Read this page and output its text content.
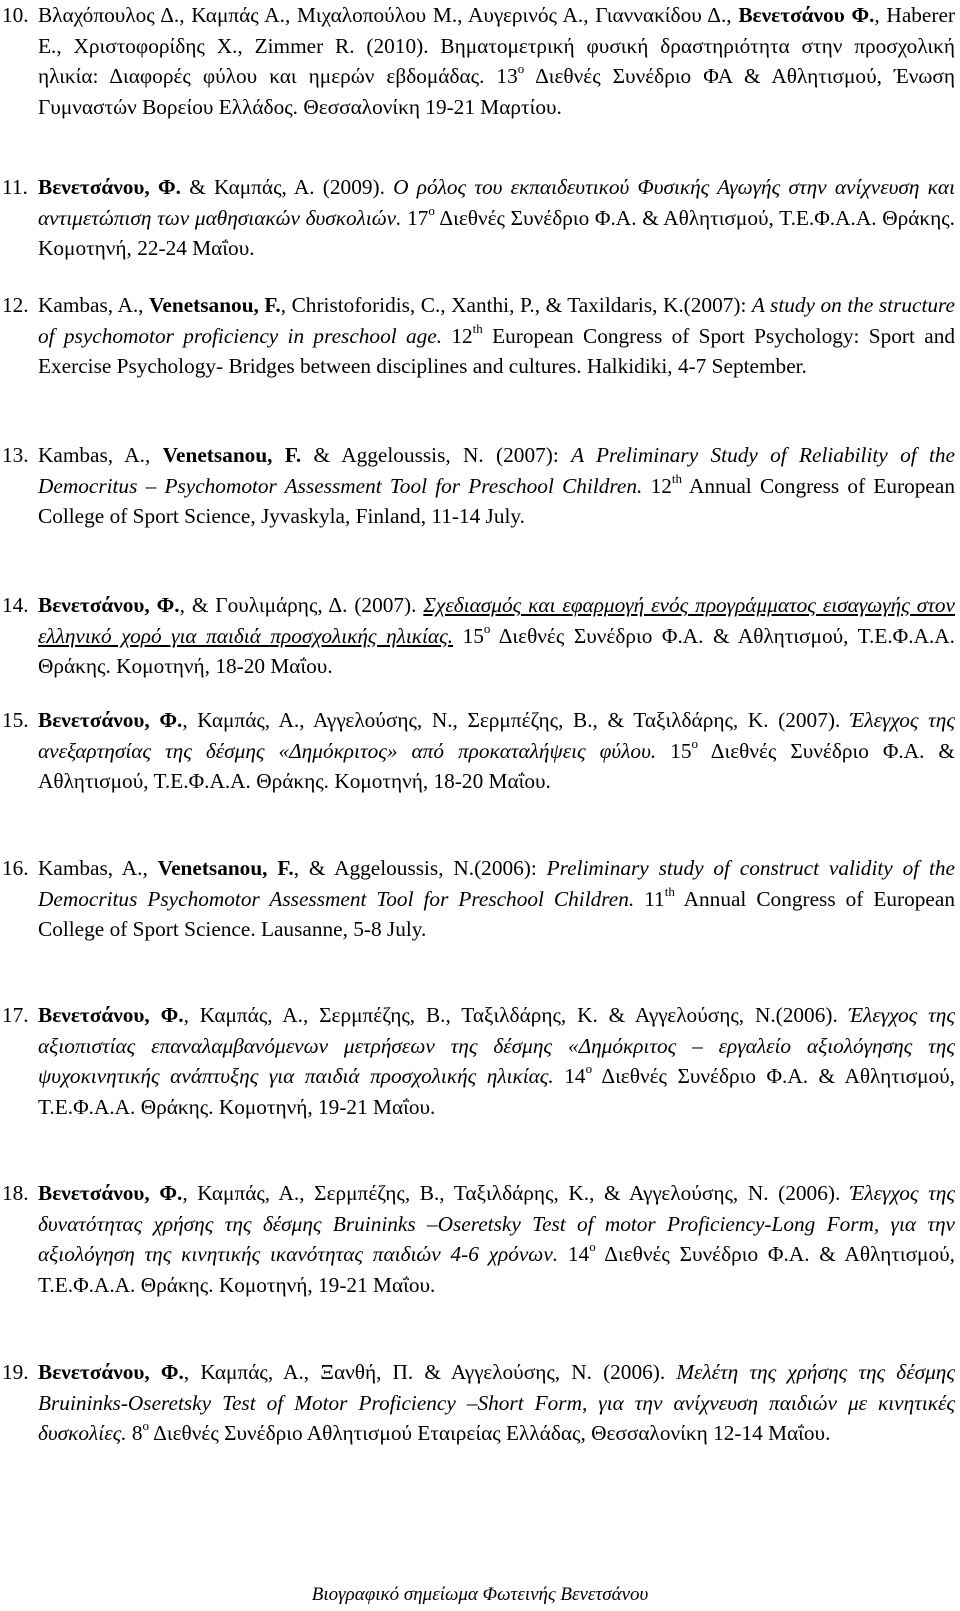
10. Βλαχόπουλος Δ., Καμπάς Α., Μιχαλοπούλου Μ., Αυγερινός Α., Γιαννακίδου Δ., Βενετσάνου Φ., Haberer E., Χριστοφορίδης Χ., Zimmer R. (2010). Βηματομετρική φυσική δραστηριότητα στην προσχολική ηλικία: Διαφορές φύλου και ημερών εβδομάδας. $13^o$ Διεθνές Συνέδριο ΦΑ & Αθλητισμού, Ένωση Γυμναστών Βορείου Ελλάδος. Θεσσαλονίκη 19-21 Μαρτίου.
11. Βενετσάνου, Φ. & Καμπάς, Α. (2009). Ο ρόλος του εκπαιδευτικού Φυσικής Αγωγής στην ανίχνευση και αντιμετώπιση των μαθησιακών δυσκολιών. $17^o$ Διεθνές Συνέδριο Φ.Α. & Αθλητισμού, Τ.Ε.Φ.Α.Α. Θράκης. Κομοτηνή, 22-24 Μαΐου.
12. Kambas, A., Venetsanou, F., Christoforidis, C., Xanthi, P., & Taxildaris, K.(2007): A study on the structure of psychomotor proficiency in preschool age. 12th European Congress of Sport Psychology: Sport and Exercise Psychology- Bridges between disciplines and cultures. Halkidiki, 4-7 September.
13. Kambas, A., Venetsanou, F. & Aggeloussis, N. (2007): A Preliminary Study of Reliability of the Democritus – Psychomotor Assessment Tool for Preschool Children. 12th Annual Congress of European College of Sport Science, Jyvaskyla, Finland, 11-14 July.
14. Βενετσάνου, Φ., & Γουλιμάρης, Δ. (2007). Σχεδιασμός και εφαρμογή ενός προγράμματος εισαγωγής στον ελληνικό χορό για παιδιά προσχολικής ηλικίας. $15^o$ Διεθνές Συνέδριο Φ.Α. & Αθλητισμού, Τ.Ε.Φ.Α.Α. Θράκης. Κομοτηνή, 18-20 Μαΐου.
15. Βενετσάνου, Φ., Καμπάς, Α., Αγγελούσης, Ν., Σερμπέζης, Β., & Ταξιλδάρης, Κ. (2007). Έλεγχος της ανεξαρτησίας της δέσμης «Δημόκριτος» από προκαταλήψεις φύλου. $15^o$ Διεθνές Συνέδριο Φ.Α. & Αθλητισμού, Τ.Ε.Φ.Α.Α. Θράκης. Κομοτηνή, 18-20 Μαΐου.
16. Kambas, A., Venetsanou, F., & Aggeloussis, N.(2006): Preliminary study of construct validity of the Democritus Psychomotor Assessment Tool for Preschool Children. 11th Annual Congress of European College of Sport Science. Lausanne, 5-8 July.
17. Βενετσάνου, Φ., Καμπάς, Α., Σερμπέζης, Β., Ταξιλδάρης, Κ. & Αγγελούσης, Ν.(2006). Έλεγχος της αξιοπιστίας επαναλαμβανόμενων μετρήσεων της δέσμης «Δημόκριτος – εργαλείο αξιολόγησης της ψυχοκινητικής ανάπτυξης για παιδιά προσχολικής ηλικίας. $14^o$ Διεθνές Συνέδριο Φ.Α. & Αθλητισμού, Τ.Ε.Φ.Α.Α. Θράκης. Κομοτηνή, 19-21 Μαΐου.
18. Βενετσάνου, Φ., Καμπάς, Α., Σερμπέζης, Β., Ταξιλδάρης, Κ., & Αγγελούσης, Ν. (2006). Έλεγχος της δυνατότητας χρήσης της δέσμης Bruininks –Oseretsky Test of motor Proficiency-Long Form, για την αξιολόγηση της κινητικής ικανότητας παιδιών 4-6 χρόνων. $14^o$ Διεθνές Συνέδριο Φ.Α. & Αθλητισμού, Τ.Ε.Φ.Α.Α. Θράκης. Κομοτηνή, 19-21 Μαΐου.
19. Βενετσάνου, Φ., Καμπάς, Α., Ξανθή, Π. & Αγγελούσης, Ν. (2006). Μελέτη της χρήσης της δέσμης Bruininks-Oseretsky Test of Motor Proficiency –Short Form, για την ανίχνευση παιδιών με κινητικές δυσκολίες. $8^o$ Διεθνές Συνέδριο Αθλητισμού Εταιρείας Ελλάδας, Θεσσαλονίκη 12-14 Μαΐου.
Βιογραφικό σημείωμα Φωτεινής Βενετσάνου
